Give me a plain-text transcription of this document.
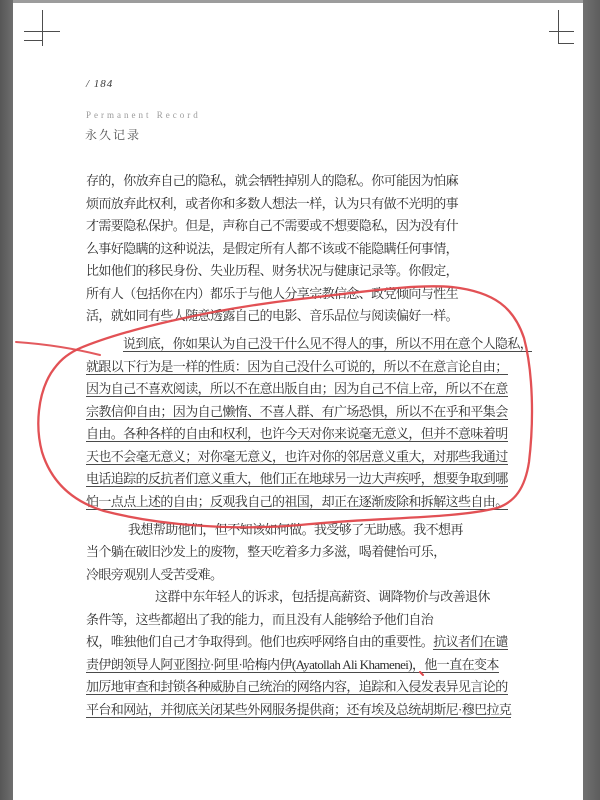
/ 184
Permanent Record
永久记录
存的，你放弃自己的隐私，就会牺牲掉别人的隐私。你可能因为怕麻
烦而放弃此权利，或者你和多数人想法一样，认为只有做不光明的事
才需要隐私保护。但是，声称自己不需要或不想要隐私，因为没有什
么事好隐瞒的这种说法，是假定所有人都不该或不能隐瞒任何事情，
比如他们的移民身份、失业历程、财务状况与健康记录等。你假定，
所有人（包括你在内）都乐于与他人分享宗教信念、政党倾向与性生
活，就如同有些人随意透露自己的电影、音乐品位与阅读偏好一样。
说到底，你如果认为自己没干什么见不得人的事，所以不用在意个人隐私，
就跟以下行为是一样的性质：因为自己没什么可说的，所以不在意言论自由；
因为自己不喜欢阅读，所以不在意出版自由；因为自己不信上帝，所以不在意
宗教信仰自由；因为自己懒惰、不喜人群、有广场恐惧，所以不在乎和平集会
自由。各种各样的自由和权利，也许今天对你来说毫无意义，但并不意味着明
天也不会毫无意义；对你毫无意义，也许对你的邻居意义重大，对那些我通过
电话追踪的反抗者们意义重大，他们正在地球另一边大声疾呼，想要争取到哪
怕一点点上述的自由；反观我自己的祖国，却正在逐渐废除和拆解这些自由。
我想帮助他们，但不知该如何做。我受够了无助感。我不想再
当个躺在破旧沙发上的废物，整天吃着多力多滋，喝着健怡可乐，
冷眼旁观别人受苦受难。
这群中东年轻人的诉求，包括提高薪资、调降物价与改善退休
条件等，这些都超出了我的能力，而且没有人能够给予他们自治
权，唯独他们自己才争取得到。他们也疾呼网络自由的重要性。抗议者们在谴
责伊朗领导人阿亚图拉·阿里·哈梅内伊(Ayatollah Ali Khamenei)，他一直在变本
加厉地审查和封锁各种威胁自己统治的网络内容，追踪和入侵发表异见言论的
平台和网站，并彻底关闭某些外网服务提供商；还有埃及总统胡斯尼·穆巴拉克
